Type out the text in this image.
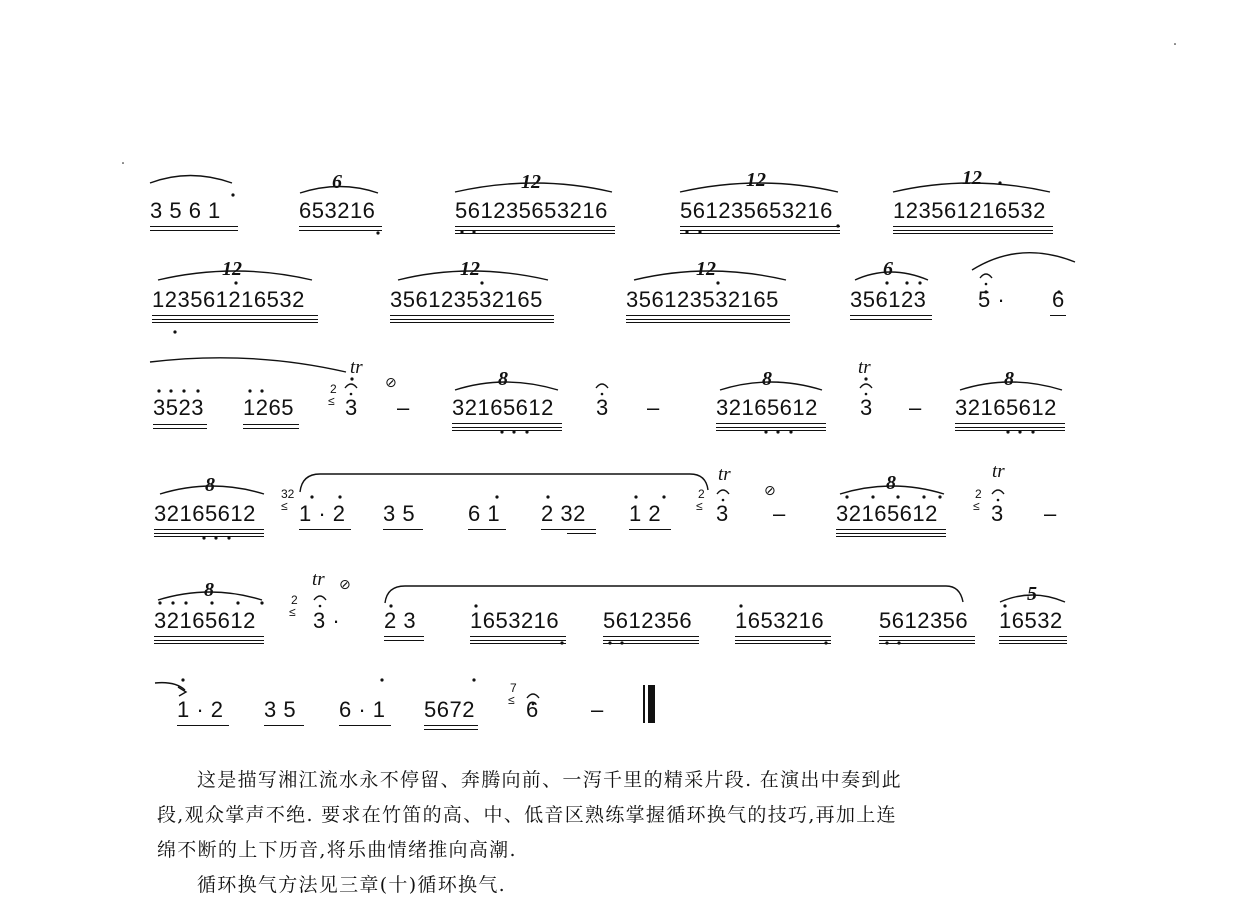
3 5 6 1	653216	561235653216	561235653216	123561216532
6	12	12	12
123561216532	356123532165	356123532165	356123 5 · 6
12	12	12	6
3523 1265
2
≤
tr
3
⊘
– 32165612
8
3 –	32165612
8
tr
3 – 32165612
8
32165612
8	32
≤ 1 · 2 3 5 6 1 2 32 1 2
2
≤
tr
3
⊘
– 32165612
8	2
≤
tr
3 –
32165612
8	2
≤
tr ⊘
3 · 2 3 1653216 5612356 1653216 5612356 16532
5
1 · 2 3 5 6 · 1 5672
7
≤ 6 –
这是描写湘江流水永不停留、奔腾向前、一泻千里的精采片段. 在演出中奏到此
段,观众掌声不绝. 要求在竹笛的高、中、低音区熟练掌握循环换气的技巧,再加上连
绵不断的上下历音,将乐曲情绪推向高潮.
循环换气方法见三章(十)循环换气.
